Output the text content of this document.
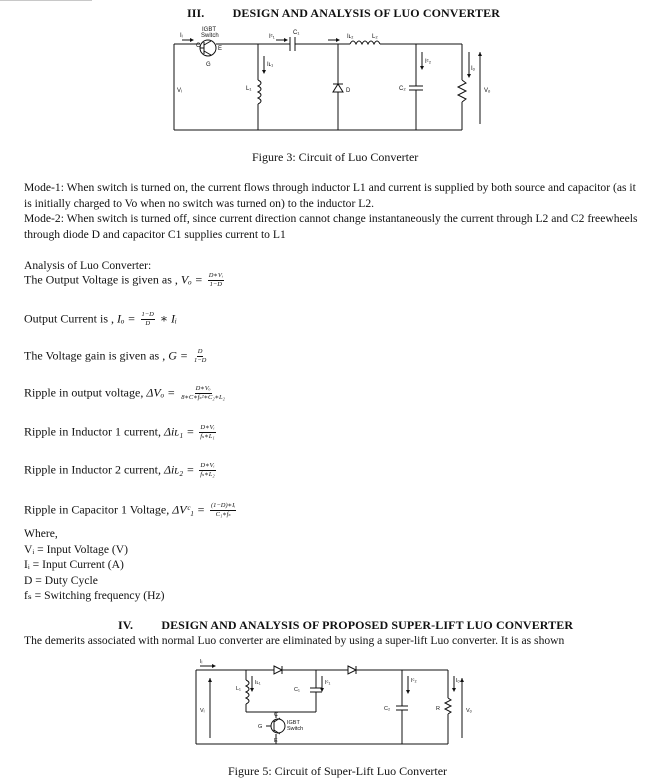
III. DESIGN AND ANALYSIS OF LUO CONVERTER
Iᵢ
IGBT
Switch
C	E
G
Iᶜ₁
C₁
Iʟ₂	L₂
Iʟ₁	Iᶜ₂
Iₒ
Vᵢ	L₁	D	C₂	Vₒ
Figure 3: Circuit of Luo Converter
Mode-1: When switch is turned on, the current flows through inductor L1 and current is supplied by both source and capacitor (as it is initially charged to Vo when no switch was turned on) to the inductor L2.
Mode-2: When switch is turned off, since current direction cannot change instantaneously the current through L2 and C2 freewheels through diode D and capacitor C1 supplies current to L1
Analysis of Luo Converter:
The Output Voltage is given as , $V_o = \frac{\text{D∗Vᵢ}}{1-D}$
Output Current is , $I_o = \frac{1-D}{D}$ ∗ Iᵢ
The Voltage gain is given as , $G = \frac{D}{1-D}$
Ripple in output voltage, $\Delta V_o = \frac{\text{D∗Vₒ}}{\text{8∗C∗fₛ²∗C₂∗L₂}}$
Ripple in Inductor 1 current, Δiʟ₁ = $\frac{\text{D∗Vᵢ}}{\text{fₛ∗L₁}}$
Ripple in Inductor 2 current, Δiʟ₂ = $\frac{\text{D∗Vᵢ}}{\text{fₛ∗L₂}}$
Ripple in Capacitor 1 Voltage, ΔVᶜ₁ = $\frac{\text{(1−D)∗Iᵢ}}{\text{C₁∗fₛ}}$
Where,
Vᵢ = Input Voltage (V)
Iᵢ = Input Current (A)
D = Duty Cycle
fₛ = Switching frequency (Hz)
IV. DESIGN AND ANALYSIS OF PROPOSED SUPER-LIFT LUO CONVERTER
The demerits associated with normal Luo converter are eliminated by using a super-lift Luo converter. It is as shown
Iᵢ
L₁
Iʟ₁
C₁
Iᶜ₁	Iᶜ₂	Iₒ
Vᵢ	C₂	R	Vₒ
C
G
E
IGBT
Switch
Figure 5: Circuit of Super-Lift Luo Converter
